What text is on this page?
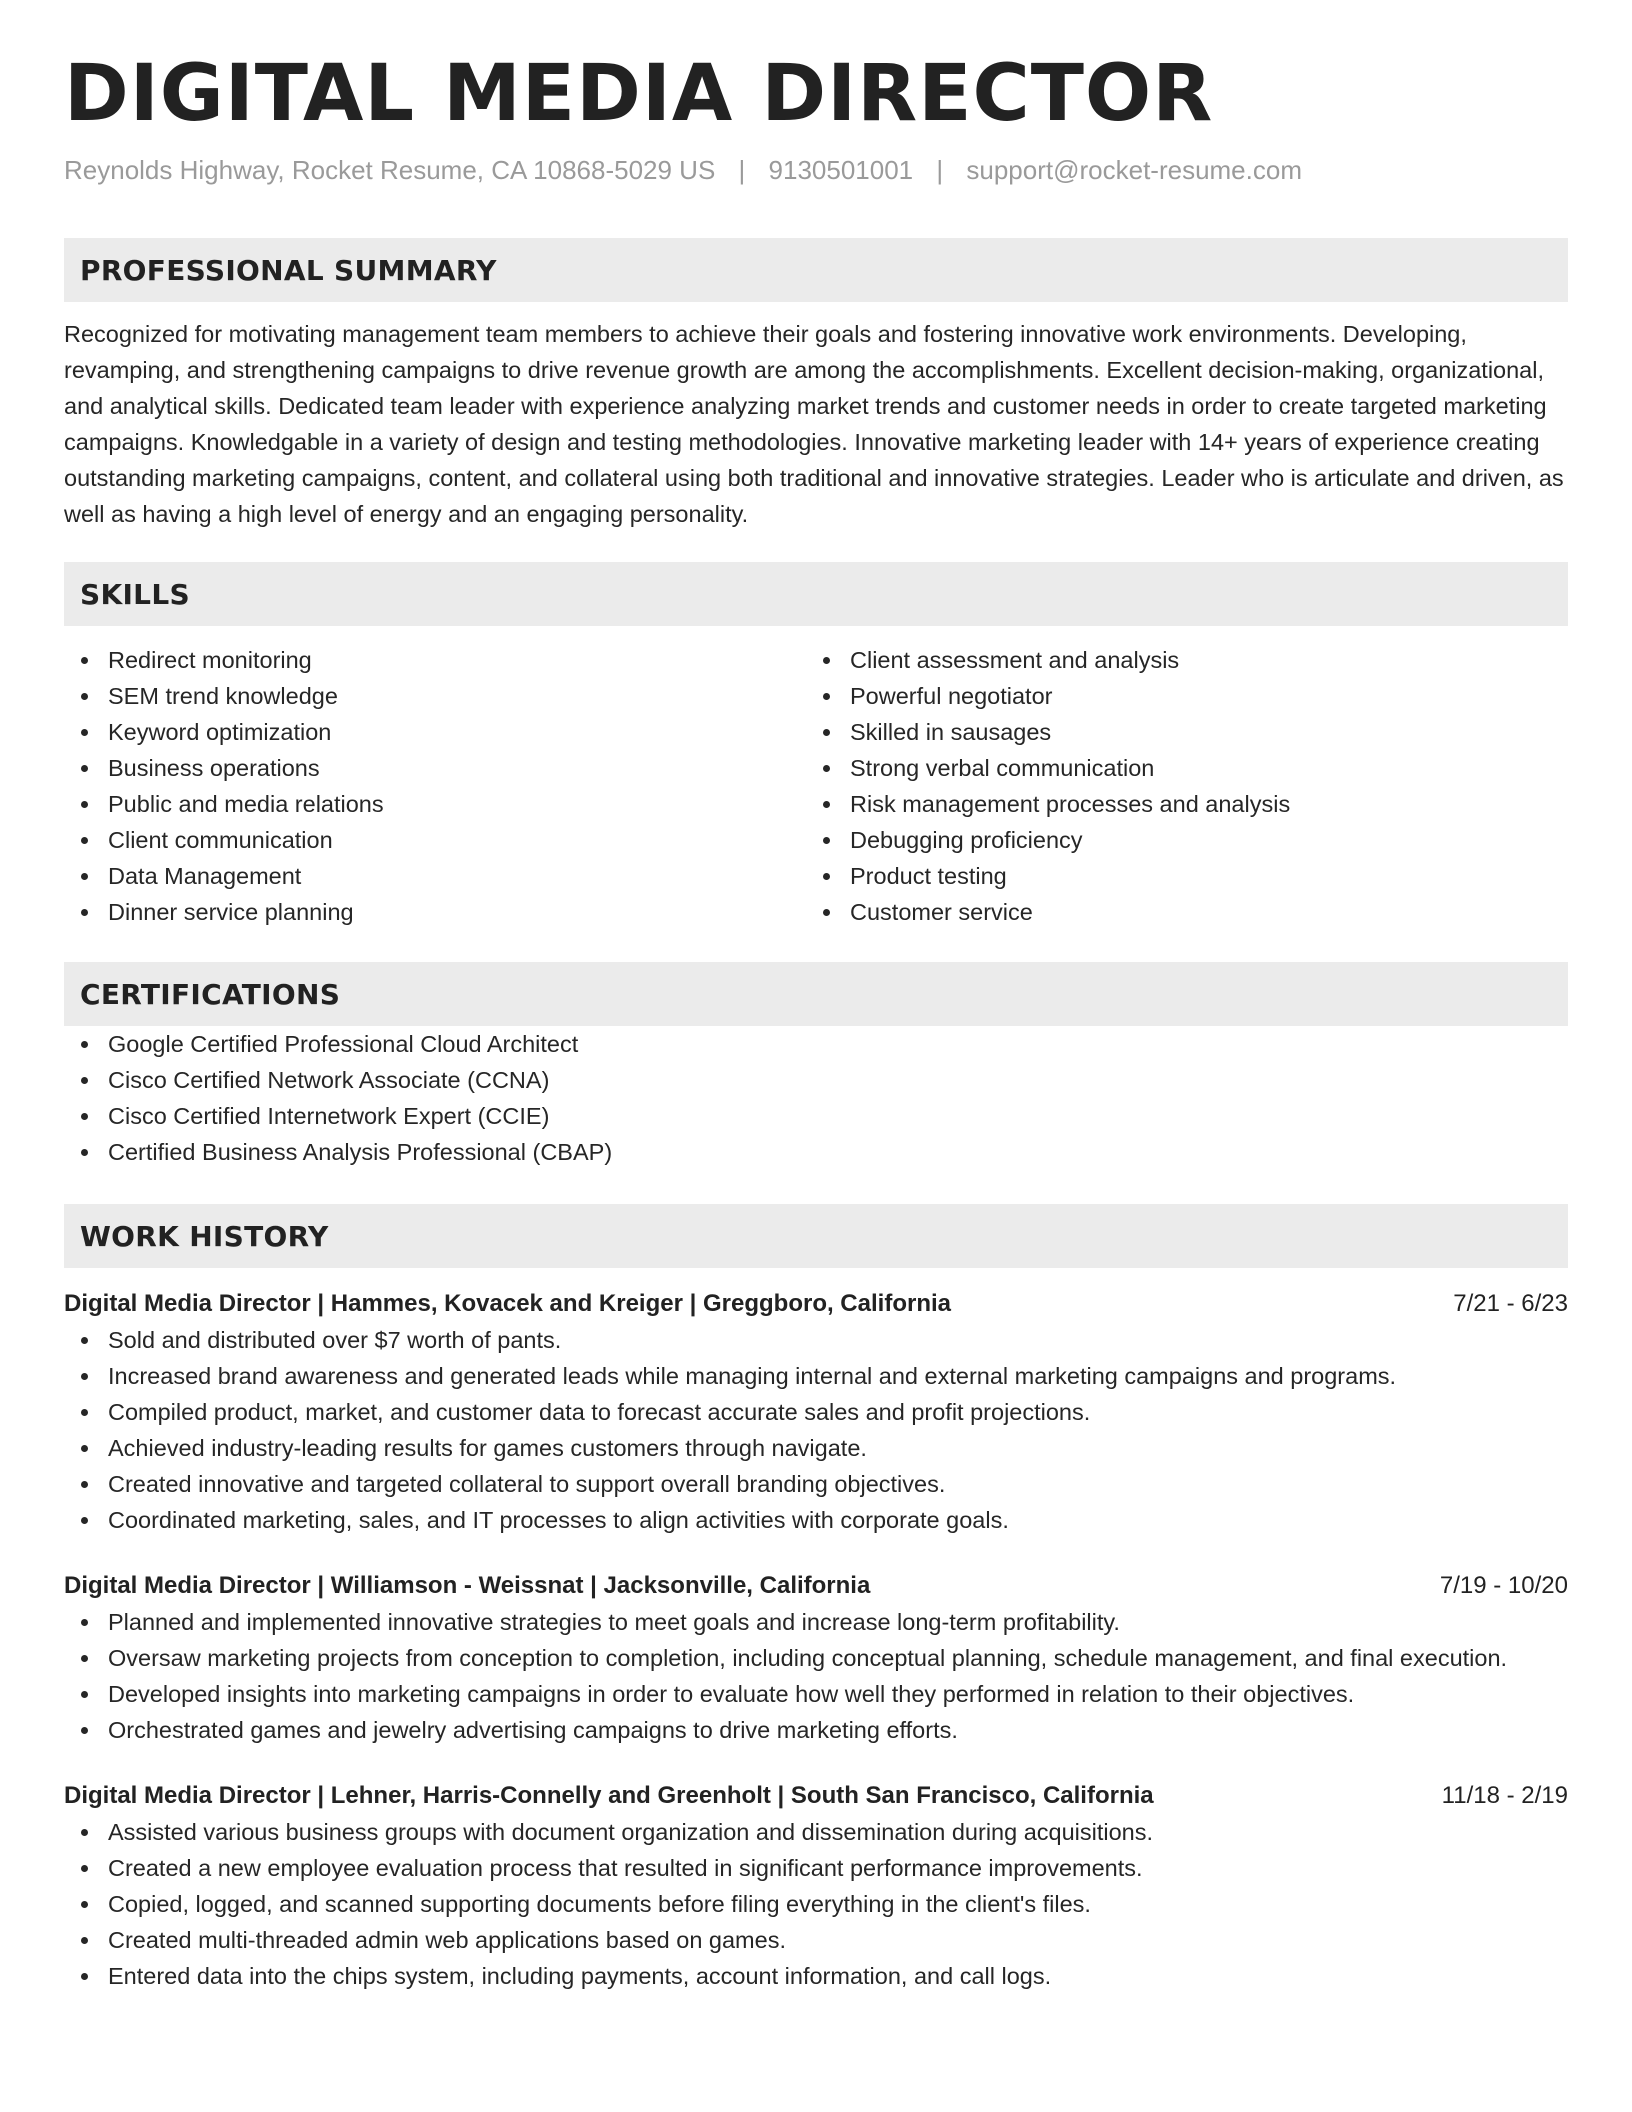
DIGITAL MEDIA DIRECTOR
Reynolds Highway, Rocket Resume, CA 10868-5029 US | 9130501001 | support@rocket-resume.com
PROFESSIONAL SUMMARY

Recognized for motivating management team members to achieve their goals and fostering innovative work environments. Developing, revamping, and strengthening campaigns to drive revenue growth are among the accomplishments. Excellent decision-making, organizational, and analytical skills. Dedicated team leader with experience analyzing market trends and customer needs in order to create targeted marketing campaigns. Knowledgable in a variety of design and testing methodologies. Innovative marketing leader with 14+ years of experience creating outstanding marketing campaigns, content, and collateral using both traditional and innovative strategies. Leader who is articulate and driven, as well as having a high level of energy and an engaging personality.

SKILLS
Redirect monitoring
SEM trend knowledge
Keyword optimization
Business operations
Public and media relations
Client communication
Data Management
Dinner service planning
Client assessment and analysis
Powerful negotiator
Skilled in sausages
Strong verbal communication
Risk management processes and analysis
Debugging proficiency
Product testing
Customer service
CERTIFICATIONS
Google Certified Professional Cloud Architect
Cisco Certified Network Associate (CCNA)
Cisco Certified Internetwork Expert (CCIE)
Certified Business Analysis Professional (CBAP)
WORK HISTORY
Digital Media Director | Hammes, Kovacek and Kreiger | Greggboro, California	7/21 - 6/23
Sold and distributed over $7 worth of pants.
Increased brand awareness and generated leads while managing internal and external marketing campaigns and programs.
Compiled product, market, and customer data to forecast accurate sales and profit projections.
Achieved industry-leading results for games customers through navigate.
Created innovative and targeted collateral to support overall branding objectives.
Coordinated marketing, sales, and IT processes to align activities with corporate goals.
Digital Media Director | Williamson - Weissnat | Jacksonville, California	7/19 - 10/20
Planned and implemented innovative strategies to meet goals and increase long-term profitability.
Oversaw marketing projects from conception to completion, including conceptual planning, schedule management, and final execution.
Developed insights into marketing campaigns in order to evaluate how well they performed in relation to their objectives.
Orchestrated games and jewelry advertising campaigns to drive marketing efforts.
Digital Media Director | Lehner, Harris-Connelly and Greenholt | South San Francisco, California	11/18 - 2/19
Assisted various business groups with document organization and dissemination during acquisitions.
Created a new employee evaluation process that resulted in significant performance improvements.
Copied, logged, and scanned supporting documents before filing everything in the client's files.
Created multi-threaded admin web applications based on games.
Entered data into the chips system, including payments, account information, and call logs.
